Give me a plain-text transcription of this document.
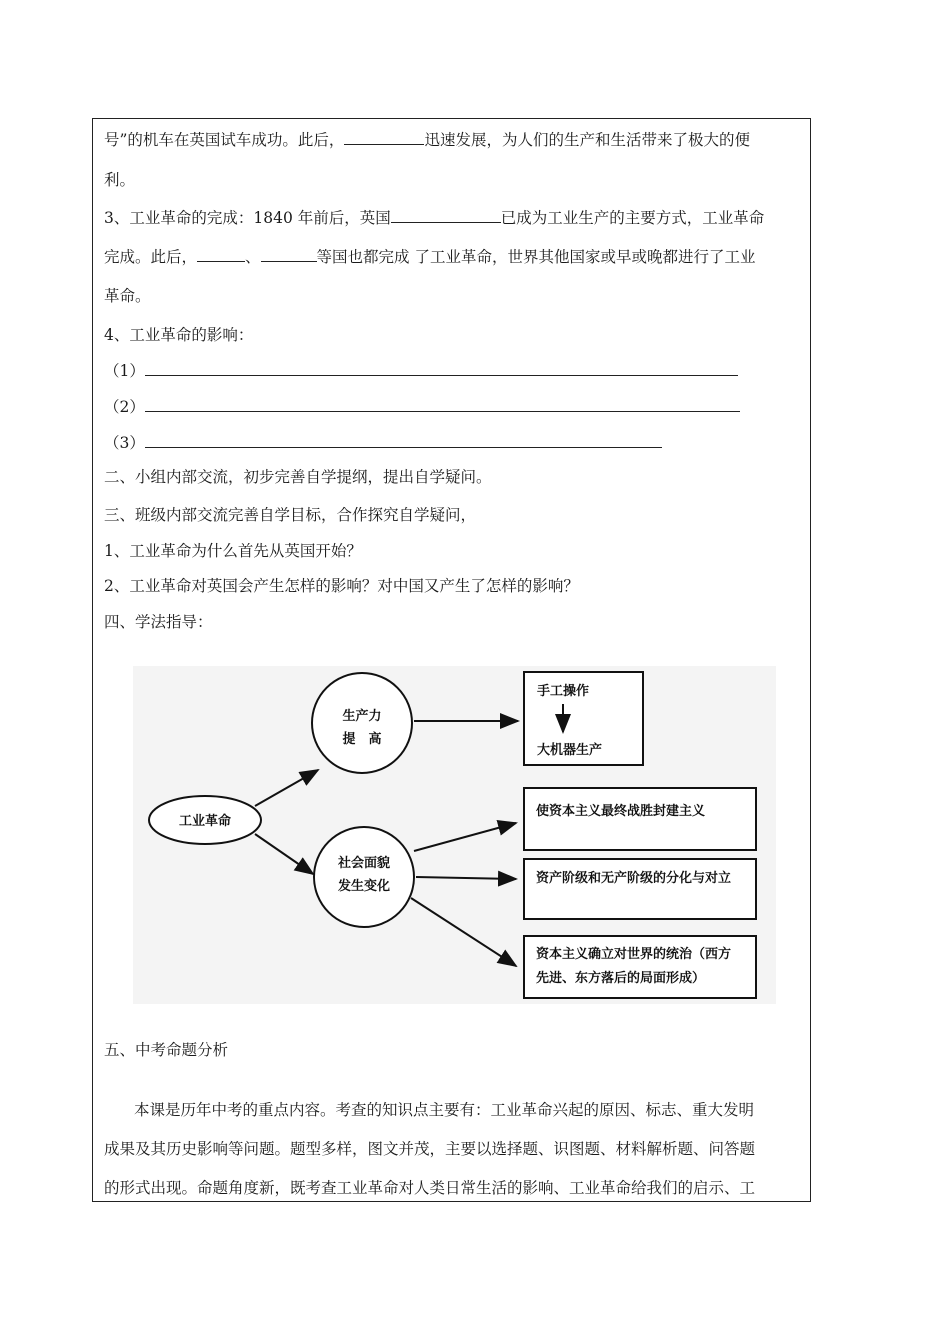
号”的机车在英国试车成功。此后，	迅速发展，为人们的生产和生活带来了极大的便
利。
3、工业革命的完成：1840 年前后，英国	已成为工业生产的主要方式，工业革命
完成。此后，	、	等国也都完成 了工业革命，世界其他国家或早或晚都进行了工业
革命。
4、工业革命的影响：
（1）
（2）
（3）
二、小组内部交流，初步完善自学提纲，提出自学疑问。
三、班级内部交流完善自学目标，合作探究自学疑问，
1、工业革命为什么首先从英国开始？
2、工业革命对英国会产生怎样的影响？对中国又产生了怎样的影响？
四、学法指导：
工业革命
生产力
提　高
社会面貌
发生变化
手工操作
大机器生产
使资本主义最终战胜封建主义
资产阶级和无产阶级的分化与对立
资本主义确立对世界的统治（西方
先进、东方落后的局面形成）
五、中考命题分析
本课是历年中考的重点内容。考查的知识点主要有：工业革命兴起的原因、标志、重大发明
成果及其历史影响等问题。题型多样，图文并茂，主要以选择题、识图题、材料解析题、问答题
的形式出现。命题角度新，既考查工业革命对人类日常生活的影响、工业革命给我们的启示、工
